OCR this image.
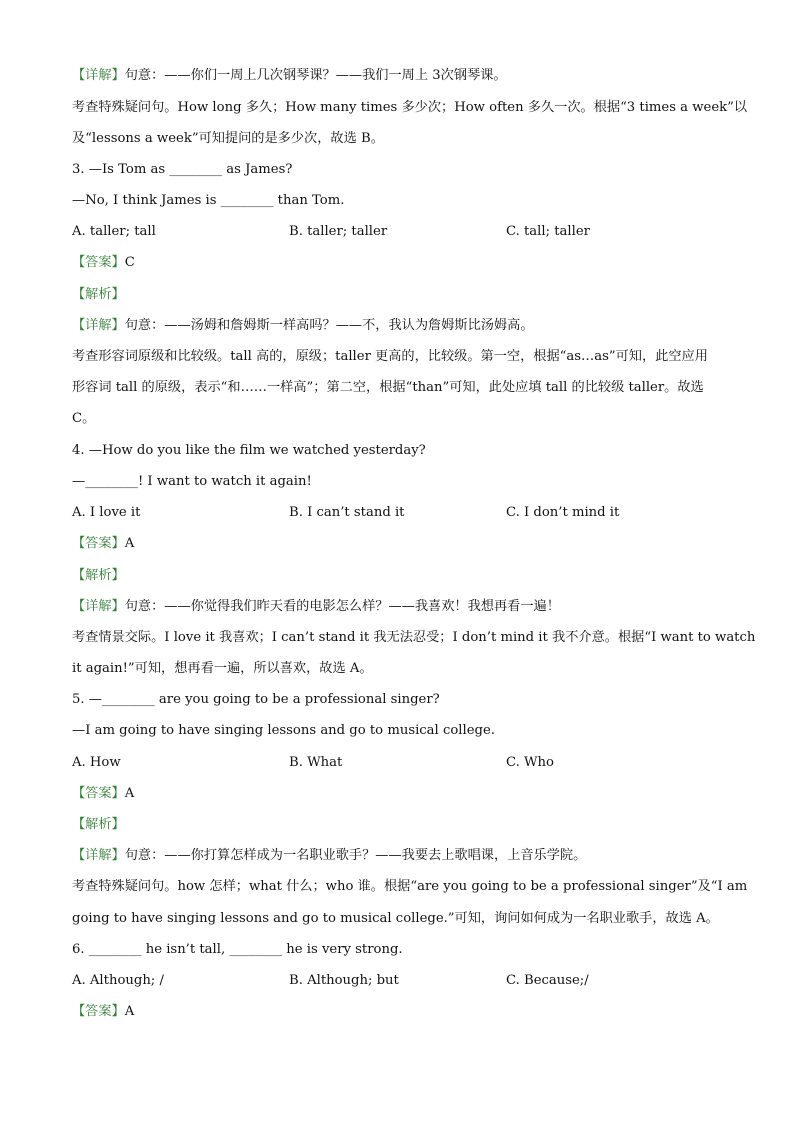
【详解】句意：——你们一周上几次钢琴课？——我们一周上 3次钢琴课。
考查特殊疑问句。How long 多久；How many times 多少次；How often 多久一次。根据“3 times a week”以
及“lessons a week”可知提问的是多少次，故选 B。
3. —Is Tom as ________ as James?
—No, I think James is ________ than Tom.
A. taller; tall	B. taller; taller	C. tall; taller
【答案】C
【解析】
【详解】句意：——汤姆和詹姆斯一样高吗？——不，我认为詹姆斯比汤姆高。
考查形容词原级和比较级。tall 高的，原级；taller 更高的，比较级。第一空，根据“as…as”可知，此空应用
形容词 tall 的原级，表示“和……一样高”；第二空，根据“than”可知，此处应填 tall 的比较级 taller。故选
C。
4. —How do you like the film we watched yesterday?
—________! I want to watch it again!
A. I love it	B. I can’t stand it	C. I don’t mind it
【答案】A
【解析】
【详解】句意：——你觉得我们昨天看的电影怎么样？——我喜欢！我想再看一遍！
考查情景交际。I love it 我喜欢；I can’t stand it 我无法忍受；I don’t mind it 我不介意。根据“I want to watch
it again!”可知，想再看一遍，所以喜欢，故选 A。
5. —________ are you going to be a professional singer?
—I am going to have singing lessons and go to musical college.
A. How	B. What	C. Who
【答案】A
【解析】
【详解】句意：——你打算怎样成为一名职业歌手？——我要去上歌唱课，上音乐学院。
考查特殊疑问句。how 怎样；what 什么；who 谁。根据“are you going to be a professional singer”及“I am
going to have singing lessons and go to musical college.”可知，询问如何成为一名职业歌手，故选 A。
6. ________ he isn’t tall, ________ he is very strong.
A. Although; /	B. Although; but	C. Because;/
【答案】A
